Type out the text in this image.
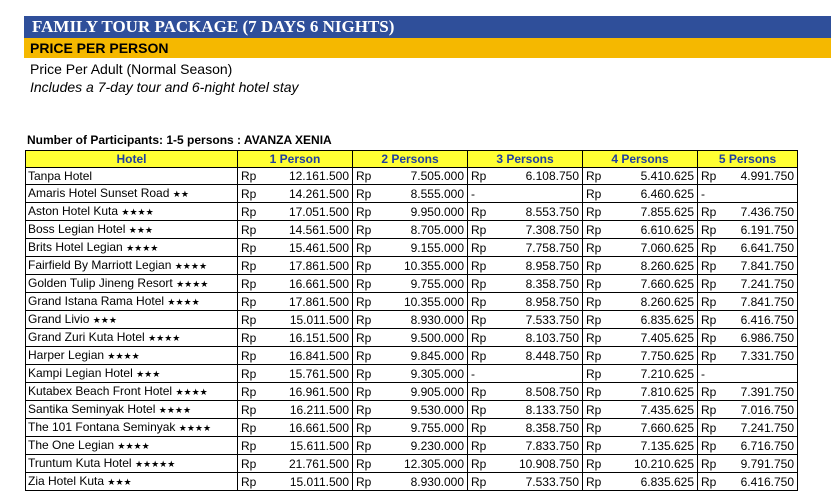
FAMILY TOUR PACKAGE (7 DAYS 6 NIGHTS)
PRICE PER PERSON
Price Per Adult (Normal Season)
Includes a 7-day tour and 6-night hotel stay
Number of Participants: 1-5 persons : AVANZA XENIA
Hotel	1 Person	2 Persons	3 Persons	4 Persons	5 Persons
Tanpa Hotel	Rp 12.161.500	Rp 7.505.000	Rp 6.108.750	Rp 5.410.625	Rp 4.991.750

Amaris Hotel Sunset Road ★★	Rp 14.261.500	Rp 8.555.000	-	Rp 6.460.625	-

Aston Hotel Kuta ★★★★	Rp 17.051.500	Rp 9.950.000	Rp 8.553.750	Rp 7.855.625	Rp 7.436.750

Boss Legian Hotel ★★★	Rp 14.561.500	Rp 8.705.000	Rp 7.308.750	Rp 6.610.625	Rp 6.191.750

Brits Hotel Legian ★★★★	Rp 15.461.500	Rp 9.155.000	Rp 7.758.750	Rp 7.060.625	Rp 6.641.750

Fairfield By Marriott Legian ★★★★	Rp 17.861.500	Rp 10.355.000	Rp 8.958.750	Rp 8.260.625	Rp 7.841.750

Golden Tulip Jineng Resort ★★★★	Rp 16.661.500	Rp 9.755.000	Rp 8.358.750	Rp 7.660.625	Rp 7.241.750

Grand Istana Rama Hotel ★★★★	Rp 17.861.500	Rp 10.355.000	Rp 8.958.750	Rp 8.260.625	Rp 7.841.750

Grand Livio ★★★	Rp 15.011.500	Rp 8.930.000	Rp 7.533.750	Rp 6.835.625	Rp 6.416.750

Grand Zuri Kuta Hotel ★★★★	Rp 16.151.500	Rp 9.500.000	Rp 8.103.750	Rp 7.405.625	Rp 6.986.750

Harper Legian ★★★★	Rp 16.841.500	Rp 9.845.000	Rp 8.448.750	Rp 7.750.625	Rp 7.331.750

Kampi Legian Hotel ★★★	Rp 15.761.500	Rp 9.305.000	-	Rp 7.210.625	-

Kutabex Beach Front Hotel ★★★★	Rp 16.961.500	Rp 9.905.000	Rp 8.508.750	Rp 7.810.625	Rp 7.391.750

Santika Seminyak Hotel ★★★★	Rp 16.211.500	Rp 9.530.000	Rp 8.133.750	Rp 7.435.625	Rp 7.016.750

The 101 Fontana Seminyak ★★★★	Rp 16.661.500	Rp 9.755.000	Rp 8.358.750	Rp 7.660.625	Rp 7.241.750

The One Legian ★★★★	Rp 15.611.500	Rp 9.230.000	Rp 7.833.750	Rp 7.135.625	Rp 6.716.750

Truntum Kuta Hotel ★★★★★	Rp 21.761.500	Rp 12.305.000	Rp 10.908.750	Rp 10.210.625	Rp 9.791.750

Zia Hotel Kuta ★★★	Rp 15.011.500	Rp 8.930.000	Rp 7.533.750	Rp 6.835.625	Rp 6.416.750
